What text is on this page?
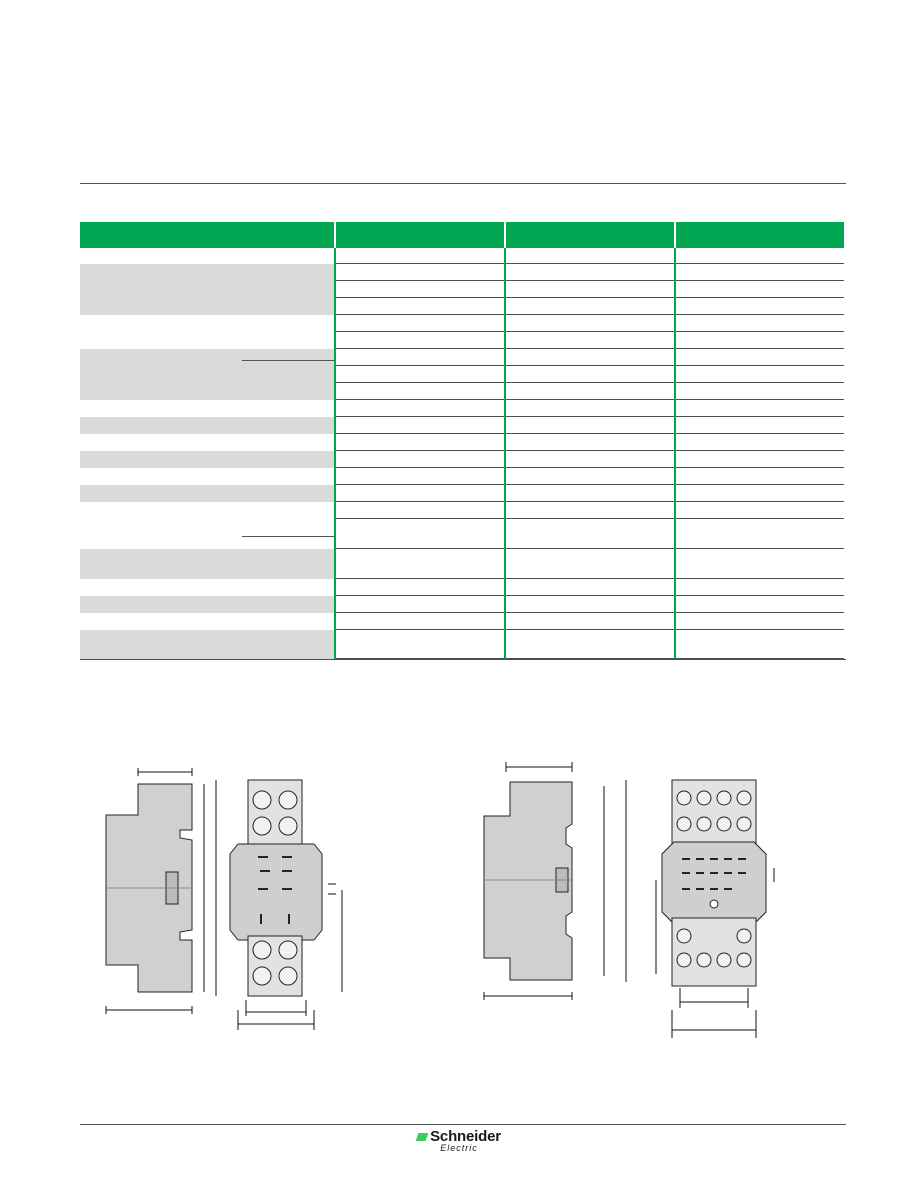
Schneider
Electric
